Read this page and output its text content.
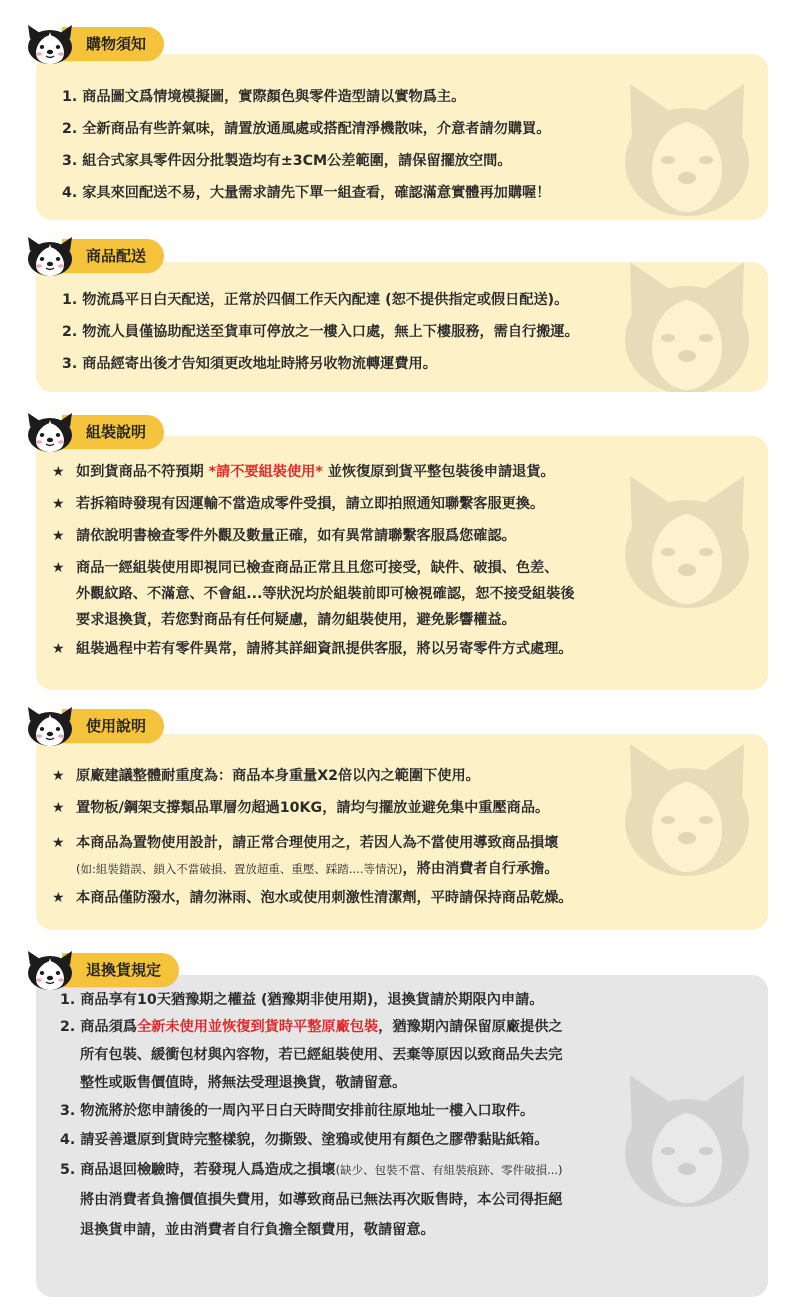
購物須知
1. 商品圖文爲情境模擬圖，實際顏色與零件造型請以實物爲主。
2. 全新商品有些許氣味，請置放通風處或搭配清淨機散味，介意者請勿購買。
3. 組合式家具零件因分批製造均有±3CM公差範圍，請保留擺放空間。
4. 家具來回配送不易，大量需求請先下單一組查看，確認滿意實體再加購喔！
商品配送
1. 物流爲平日白天配送，正常於四個工作天內配達 (恕不提供指定或假日配送)。
2. 物流人員僅協助配送至貨車可停放之一樓入口處，無上下樓服務，需自行搬運。
3. 商品經寄出後才告知須更改地址時將另收物流轉運費用。
組裝說明
★ 如到貨商品不符預期 *請不要組裝使用* 並恢復原到貨平整包裝後申請退貨。
★ 若拆箱時發現有因運輸不當造成零件受損，請立即拍照通知聯繫客服更換。
★ 請依說明書檢查零件外觀及數量正確，如有異常請聯繫客服爲您確認。
★ 商品一經組裝使用即視同已檢查商品正常且且您可接受，缺件、破損、色差、
外觀紋路、不滿意、不會組...等狀況均於組裝前即可檢視確認，恕不接受組裝後
要求退換貨，若您對商品有任何疑慮，請勿組裝使用，避免影響權益。
★ 組裝過程中若有零件異常，請將其詳細資訊提供客服，將以另寄零件方式處理。
使用說明
★ 原廠建議整體耐重度為：商品本身重量X2倍以內之範圍下使用。
★ 置物板/鋼架支撐類品單層勿超過10KG，請均勻擺放並避免集中重壓商品。
★ 本商品為置物使用設計，請正常合理使用之，若因人為不當使用導致商品損壞
(如:組裝錯誤、鎖入不當破損、置放超重、重壓、踩踏....等情況)，將由消費者自行承擔。
★ 本商品僅防潑水，請勿淋雨、泡水或使用刺激性清潔劑，平時請保持商品乾燥。
退換貨規定
1. 商品享有10天猶豫期之權益 (猶豫期非使用期)，退換貨請於期限內申請。
2. 商品須爲全新未使用並恢復到貨時平整原廠包裝，猶豫期內請保留原廠提供之
所有包裝、緩衝包材與內容物，若已經組裝使用、丟棄等原因以致商品失去完
整性或販售價值時，將無法受理退換貨，敬請留意。
3. 物流將於您申請後的一周內平日白天時間安排前往原地址一樓入口取件。
4. 請妥善還原到貨時完整樣貌，勿撕毀、塗鴉或使用有顏色之膠帶黏貼紙箱。
5. 商品退回檢驗時，若發現人爲造成之損壞(缺少、包裝不當、有組裝痕跡、零件破損...)
將由消費者負擔價值損失費用，如導致商品已無法再次販售時，本公司得拒絕
退換貨申請，並由消費者自行負擔全額費用，敬請留意。
